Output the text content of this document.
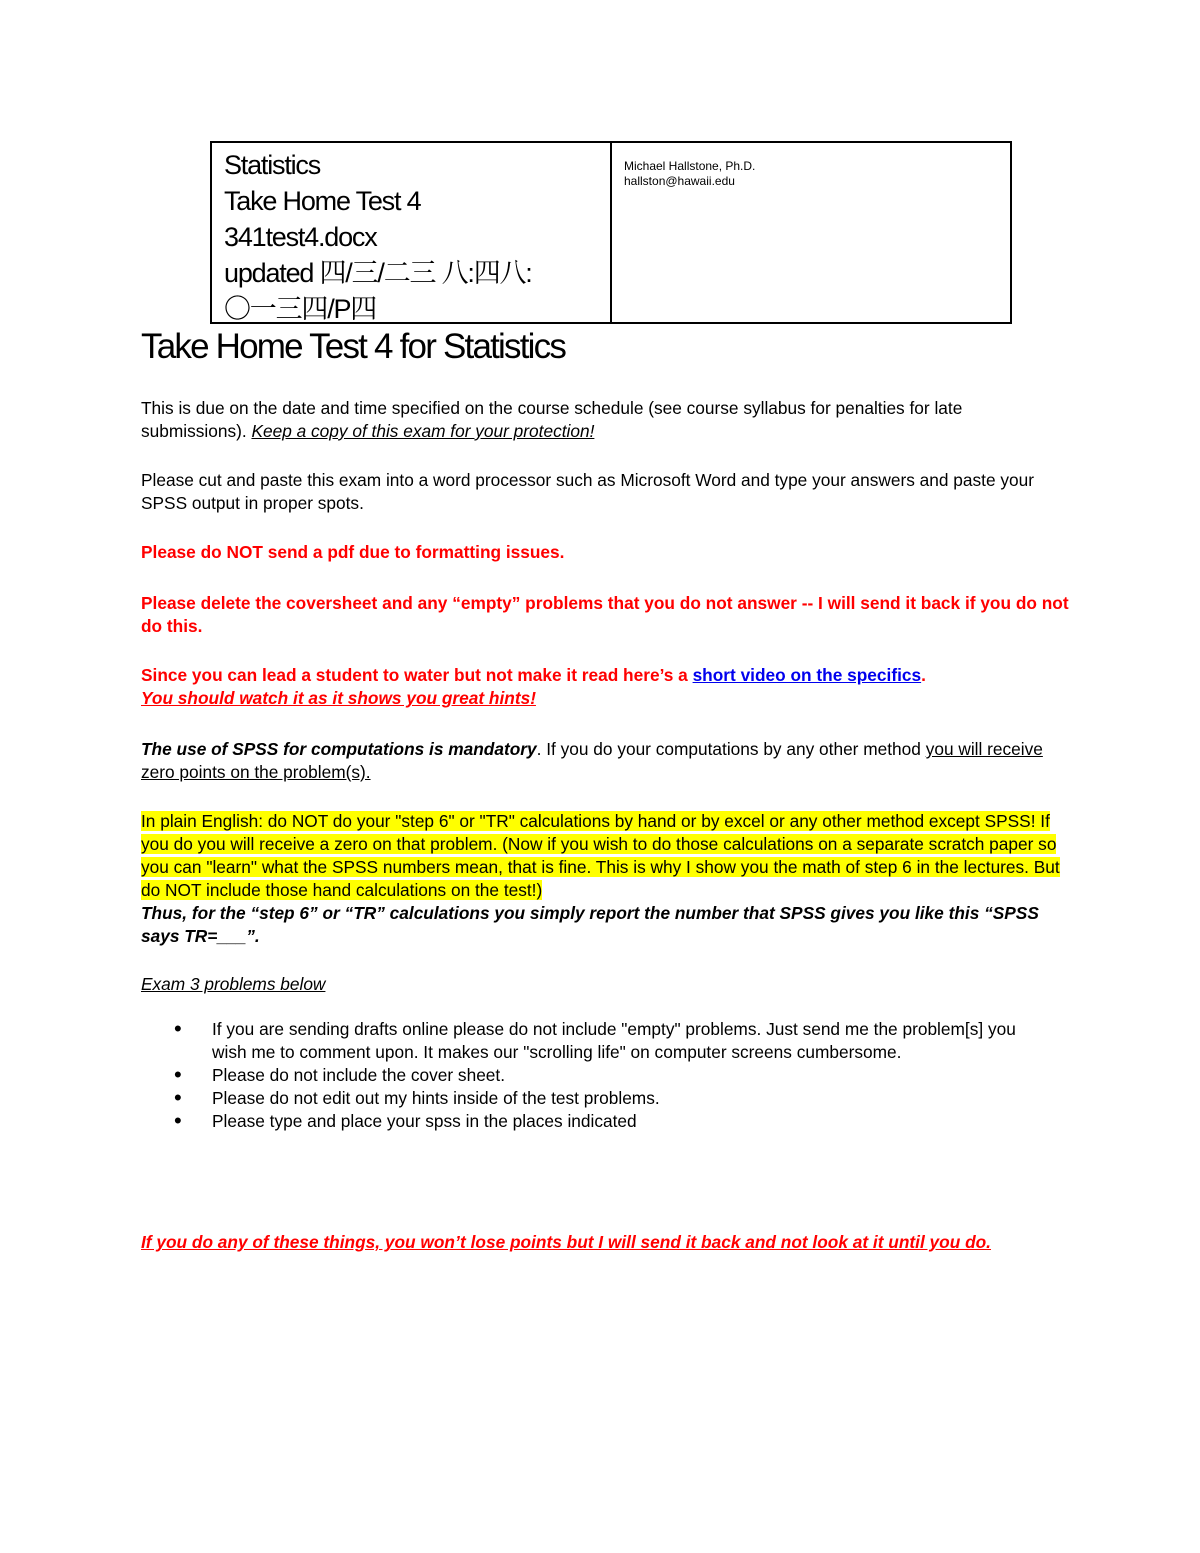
Statistics
Take Home Test 4
341test4.docx
updated 四/三/二三 八:四八:
〇一三四/P四
Michael Hallstone, Ph.D.
hallston@hawaii.edu
Take Home Test 4 for Statistics

This is due on the date and time specified on the course schedule (see course syllabus for penalties for late submissions). Keep a copy of this exam for your protection!

Please cut and paste this exam into a word processor such as Microsoft Word and type your answers and paste your SPSS output in proper spots.

Please do NOT send a pdf due to formatting issues.

Please delete the coversheet and any “empty” problems that you do not answer -- I will send it back if you do not do this.

Since you can lead a student to water but not make it read here’s a short video on the specifics.
You should watch it as it shows you great hints!

The use of SPSS for computations is mandatory. If you do your computations by any other method you will receive zero points on the problem(s).

In plain English: do NOT do your "step 6" or "TR" calculations by hand or by excel or any other method except SPSS! If you do you will receive a zero on that problem. (Now if you wish to do those calculations on a separate scratch paper so you can "learn" what the SPSS numbers mean, that is fine. This is why I show you the math of step 6 in the lectures. But do NOT include those hand calculations on the test!)
Thus, for the “step 6” or “TR” calculations you simply report the number that SPSS gives you like this “SPSS says TR=___”.

Exam 3 problems below

• If you are sending drafts online please do not include "empty" problems. Just send me the problem[s] you wish me to comment upon. It makes our "scrolling life" on computer screens cumbersome.
• Please do not include the cover sheet.
• Please do not edit out my hints inside of the test problems.
• Please type and place your spss in the places indicated

If you do any of these things, you won’t lose points but I will send it back and not look at it until you do.
